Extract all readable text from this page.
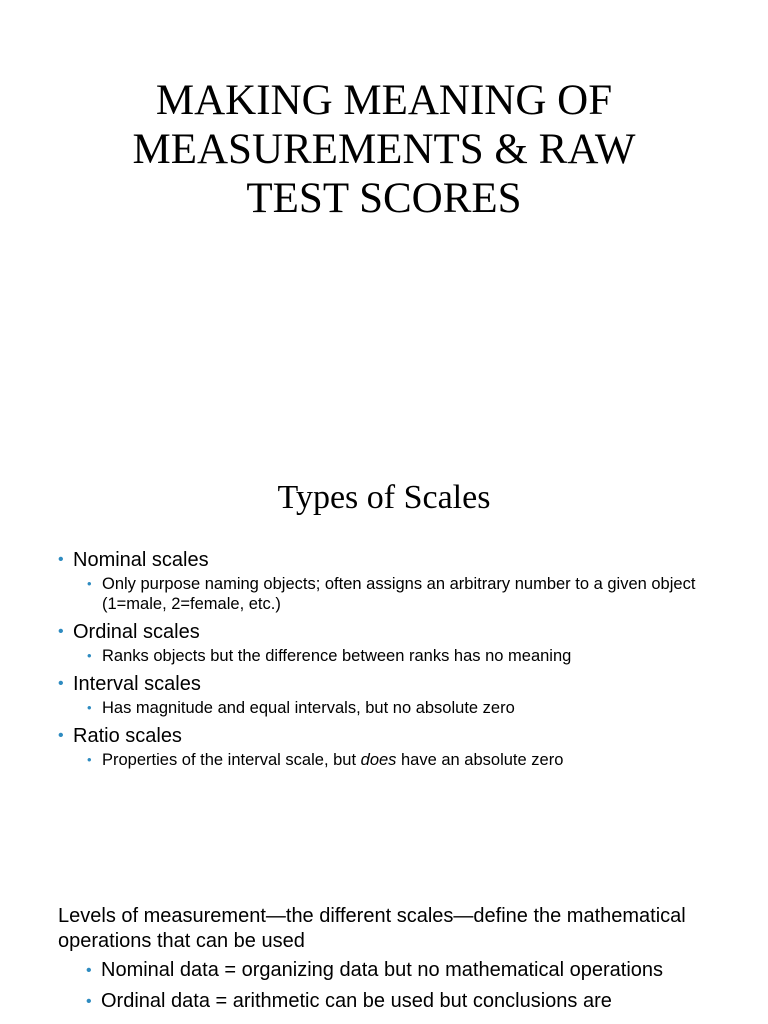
MAKING MEANING OF
MEASUREMENTS & RAW
TEST SCORES
Types of Scales
• Nominal scales
• Only purpose naming objects; often assigns an arbitrary number to a given object (1=male, 2=female, etc.)
• Ordinal scales
• Ranks objects but the difference between ranks has no meaning
• Interval scales
• Has magnitude and equal intervals, but no absolute zero
• Ratio scales
• Properties of the interval scale, but does have an absolute zero

Levels of measurement—the different scales—define the mathematical operations that can be used

• Nominal data = organizing data but no mathematical operations
• Ordinal data = arithmetic can be used but conclusions are
